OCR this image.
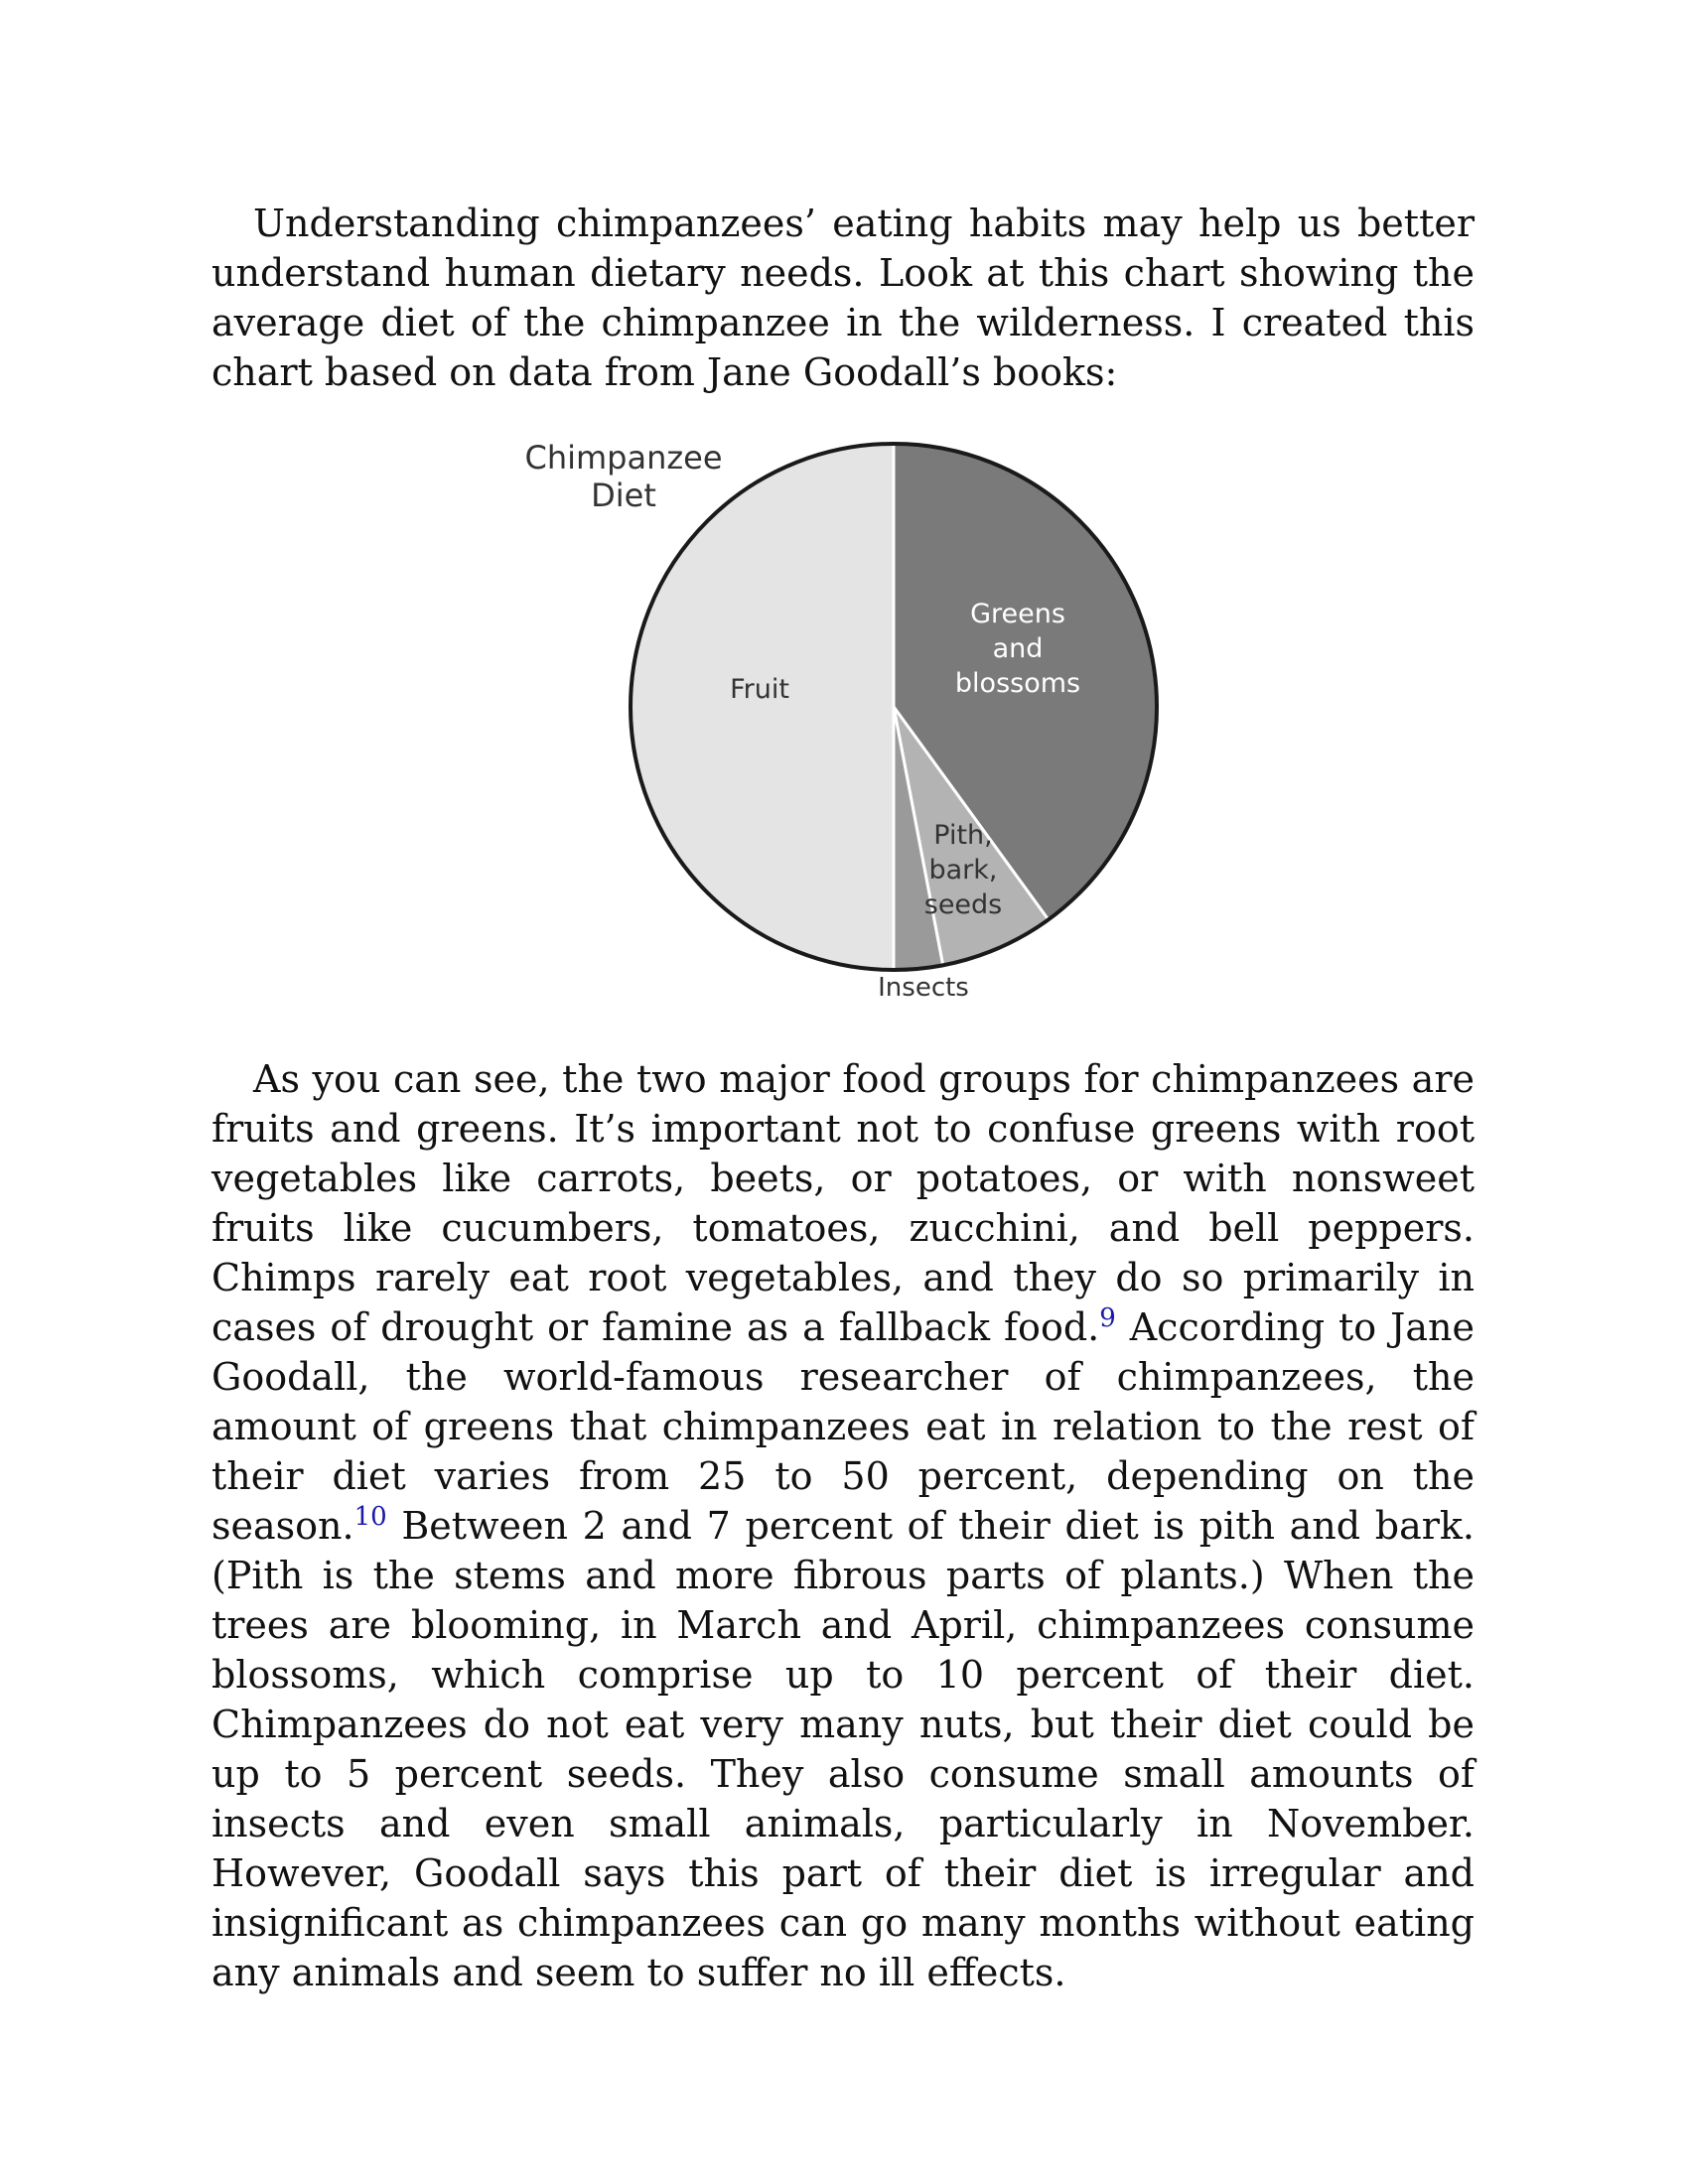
Understanding chimpanzees’ eating habits may help us better understand human dietary needs. Look at this chart showing the average diet of the chimpanzee in the wilderness. I created this chart based on data from Jane Goodall’s books:

Greens and blossoms
Pith, bark, seeds
Insects
Fruit
Chimpanzee
Diet

As you can see, the two major food groups for chimpanzees are fruits and greens. It’s important not to confuse greens with root vegetables like carrots, beets, or potatoes, or with nonsweet fruits like cucumbers, tomatoes, zucchini, and bell peppers. Chimps rarely eat root vegetables, and they do so primarily in cases of drought or famine as a fallback food.$^9$ According to Jane Goodall, the world-famous researcher of chimpanzees, the amount of greens that chimpanzees eat in relation to the rest of their diet varies from 25 to 50 percent, depending on the season.$^{10}$ Between 2 and 7 percent of their diet is pith and bark. (Pith is the stems and more fibrous parts of plants.) When the trees are blooming, in March and April, chimpanzees consume blossoms, which comprise up to 10 percent of their diet. Chimpanzees do not eat very many nuts, but their diet could be up to 5 percent seeds. They also consume small amounts of insects and even small animals, particularly in November. However, Goodall says this part of their diet is irregular and insignificant as chimpanzees can go many months without eating any animals and seem to suffer no ill effects.
